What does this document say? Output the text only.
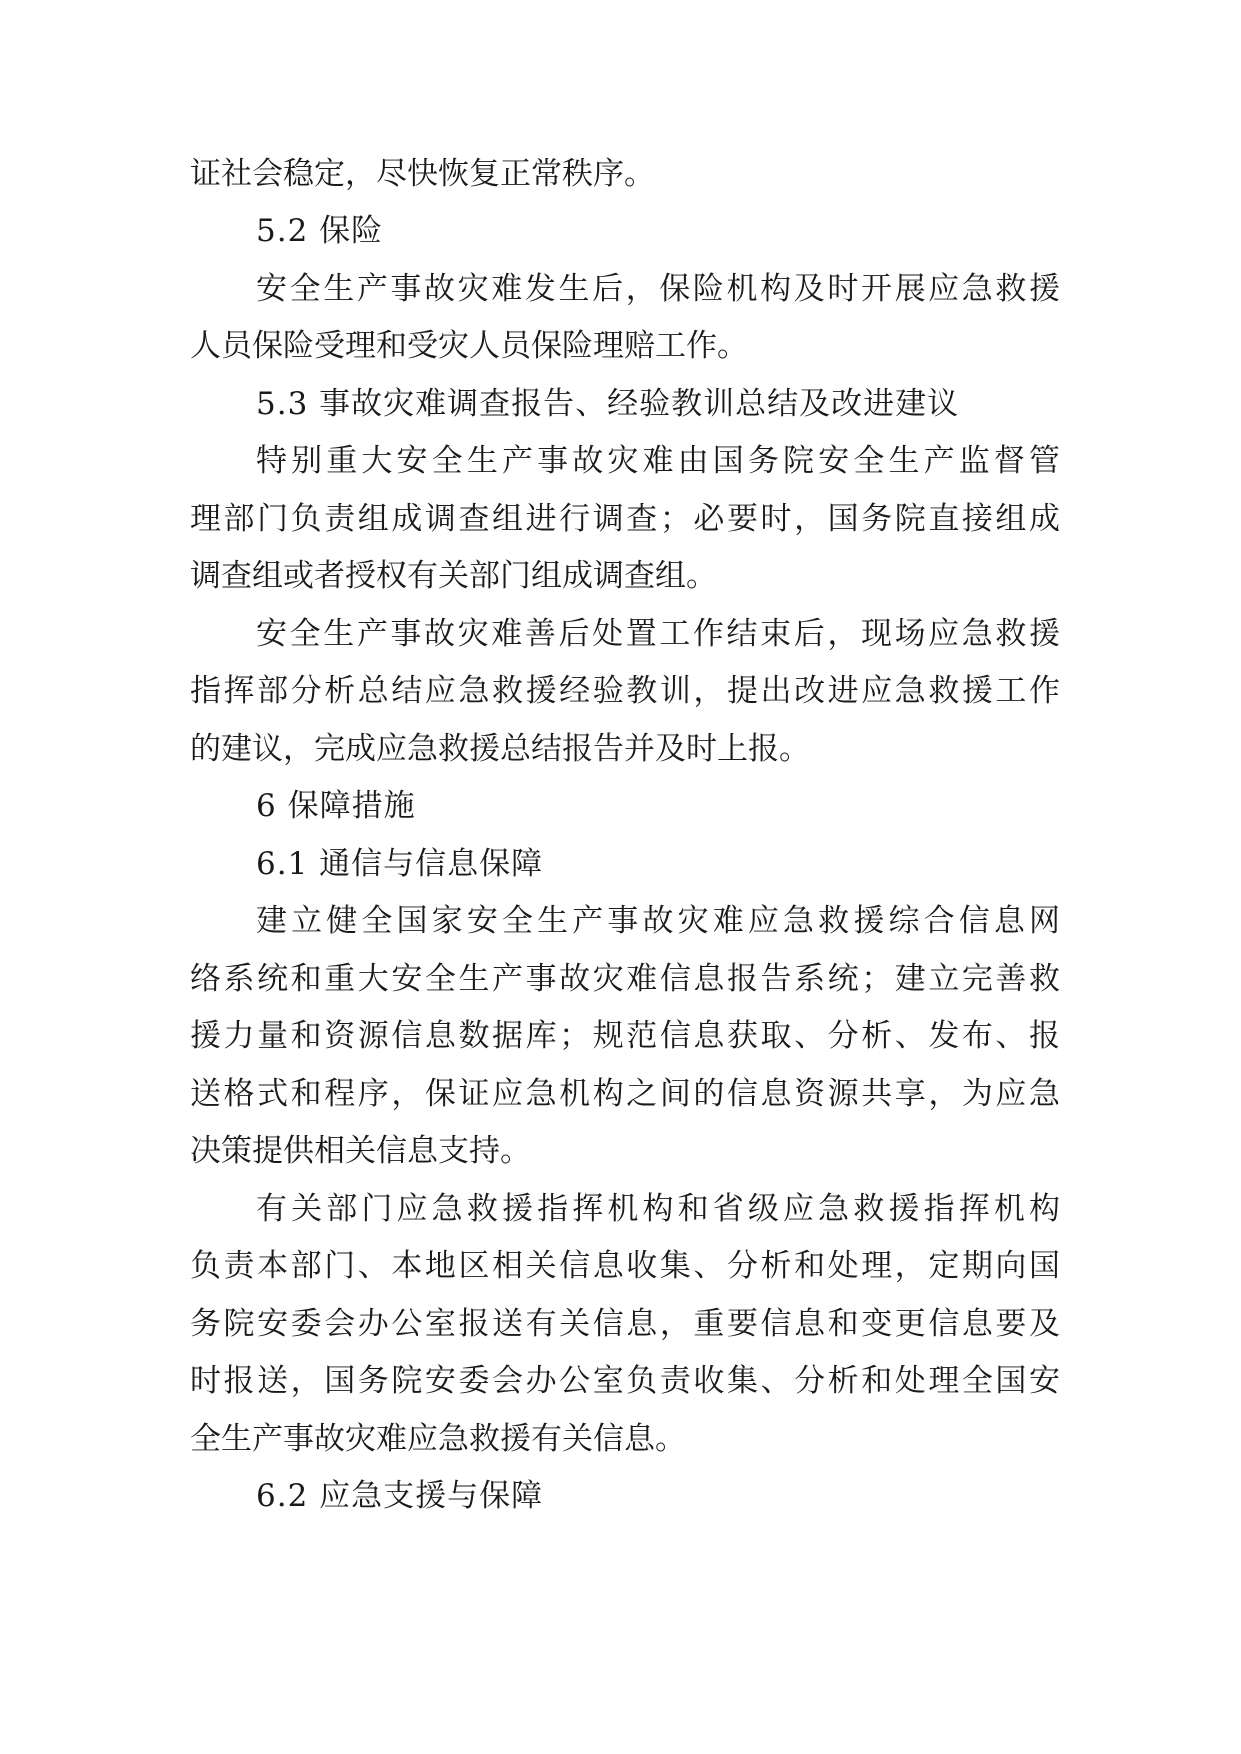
证社会稳定，尽快恢复正常秩序。
5.2 保险
安全生产事故灾难发生后，保险机构及时开展应急救援
人员保险受理和受灾人员保险理赔工作。
5.3 事故灾难调查报告、经验教训总结及改进建议
特别重大安全生产事故灾难由国务院安全生产监督管
理部门负责组成调查组进行调查；必要时，国务院直接组成
调查组或者授权有关部门组成调查组。
安全生产事故灾难善后处置工作结束后，现场应急救援
指挥部分析总结应急救援经验教训，提出改进应急救援工作
的建议，完成应急救援总结报告并及时上报。
6 保障措施
6.1 通信与信息保障
建立健全国家安全生产事故灾难应急救援综合信息网
络系统和重大安全生产事故灾难信息报告系统；建立完善救
援力量和资源信息数据库；规范信息获取、分析、发布、报
送格式和程序，保证应急机构之间的信息资源共享，为应急
决策提供相关信息支持。
有关部门应急救援指挥机构和省级应急救援指挥机构
负责本部门、本地区相关信息收集、分析和处理，定期向国
务院安委会办公室报送有关信息，重要信息和变更信息要及
时报送，国务院安委会办公室负责收集、分析和处理全国安
全生产事故灾难应急救援有关信息。
6.2 应急支援与保障
